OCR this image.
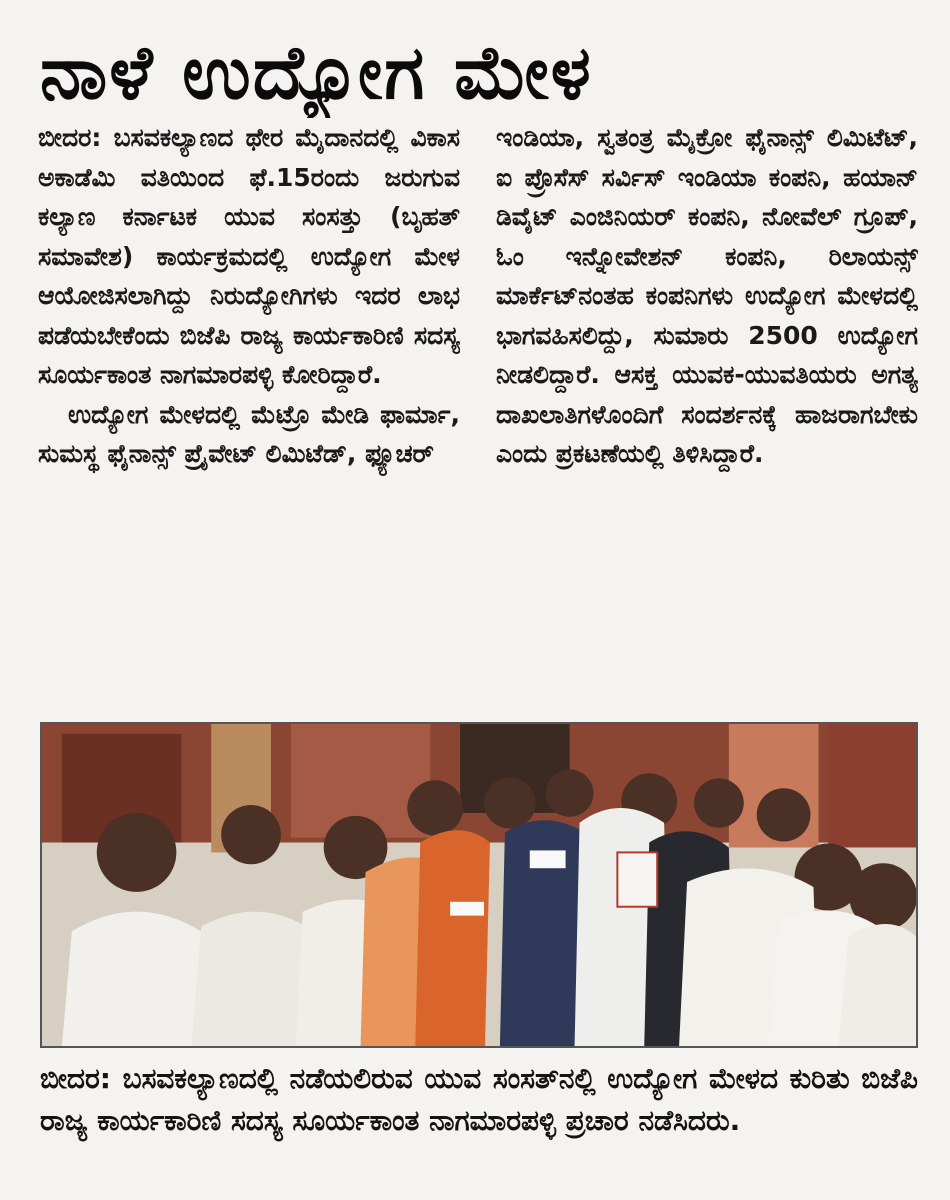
ನಾಳೆ ಉದ್ಯೋಗ ಮೇಳ

ಬೀದರ: ಬಸವಕಲ್ಯಾಣದ ಥೇರ ಮೈದಾನದಲ್ಲಿ ವಿಕಾಸ ಅಕಾಡೆಮಿ ವತಿಯಿಂದ ಫೆ.15ರಂದು ಜರುಗುವ ಕಲ್ಯಾಣ ಕರ್ನಾಟಕ ಯುವ ಸಂಸತ್ತು (ಬೃಹತ್ ಸಮಾವೇಶ) ಕಾರ್ಯಕ್ರಮದಲ್ಲಿ ಉದ್ಯೋಗ ಮೇಳ ಆಯೋಜಿಸಲಾಗಿದ್ದು ನಿರುದ್ಯೋಗಿಗಳು ಇದರ ಲಾಭ ಪಡೆಯಬೇಕೆಂದು ಬಿಜೆಪಿ ರಾಜ್ಯ ಕಾರ್ಯಕಾರಿಣಿ ಸದಸ್ಯ ಸೂರ್ಯಕಾಂತ ನಾಗಮಾರಪಳ್ಳಿ ಕೋರಿದ್ದಾರೆ.

ಉದ್ಯೋಗ ಮೇಳದಲ್ಲಿ ಮೆಟ್ರೊ ಮೇಡಿ ಫಾರ್ಮಾ, ಸುಮಸ್ಥ ಫೈನಾನ್ಸ್ ಪ್ರೈವೇಟ್ ಲಿಮಿಟೆಡ್, ಫ್ಯೂಚರ್

ಇಂಡಿಯಾ, ಸ್ವತಂತ್ರ ಮೈಕ್ರೋ ಫೈನಾನ್ಸ್ ಲಿಮಿಟೆಟ್, ಐ ಪ್ರೊಸೆಸ್ ಸರ್ವಿಸ್ ಇಂಡಿಯಾ ಕಂಪನಿ, ಹಯಾನ್ ಡಿವೈಟ್ ಎಂಜಿನಿಯರ್ ಕಂಪನಿ, ನೋವೆಲ್ ಗ್ರೂಪ್, ಓಂ ಇನ್ನೋವೇಶನ್ ಕಂಪನಿ, ರಿಲಾಯನ್ಸ್ ಮಾರ್ಕೆಟ್‌ನಂತಹ ಕಂಪನಿಗಳು ಉದ್ಯೋಗ ಮೇಳದಲ್ಲಿ ಭಾಗವಹಿಸಲಿದ್ದು, ಸುಮಾರು 2500 ಉದ್ಯೋಗ ನೀಡಲಿದ್ದಾರೆ. ಆಸಕ್ತ ಯುವಕ-ಯುವತಿಯರು ಅಗತ್ಯ ದಾಖಲಾತಿಗಳೊಂದಿಗೆ ಸಂದರ್ಶನಕ್ಕೆ ಹಾಜರಾಗಬೇಕು ಎಂದು ಪ್ರಕಟಣೆಯಲ್ಲಿ ತಿಳಿಸಿದ್ದಾರೆ.

ಬೀದರ: ಬಸವಕಲ್ಯಾಣದಲ್ಲಿ ನಡೆಯಲಿರುವ ಯುವ ಸಂಸತ್‌ನಲ್ಲಿ ಉದ್ಯೋಗ ಮೇಳದ ಕುರಿತು ಬಿಜೆಪಿ ರಾಜ್ಯ ಕಾರ್ಯಕಾರಿಣಿ ಸದಸ್ಯ ಸೂರ್ಯಕಾಂತ ನಾಗಮಾರಪಳ್ಳಿ ಪ್ರಚಾರ ನಡೆಸಿದರು.
